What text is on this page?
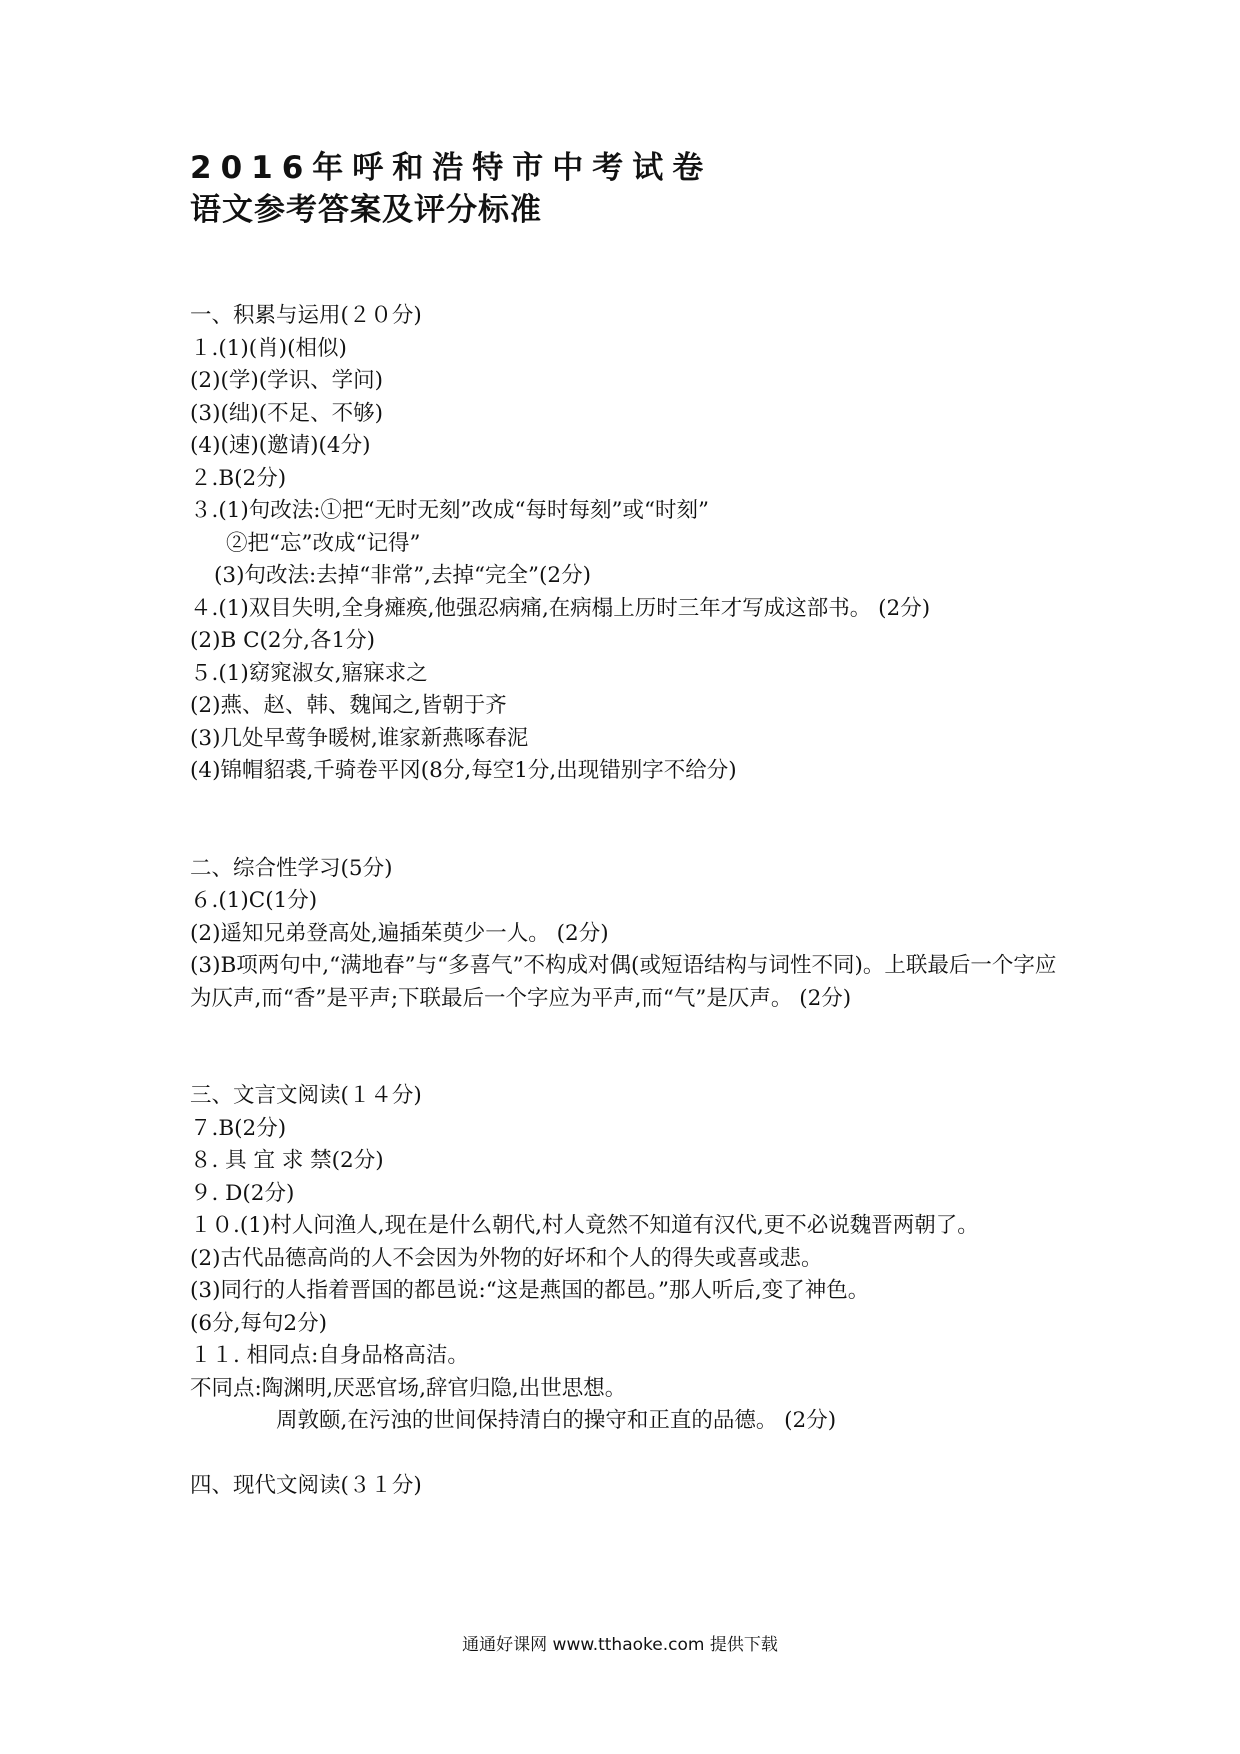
2016年呼和浩特市中考试卷
语文参考答案及评分标准
一、积累与运用(２０分)
１.(1)(肖)(相似)
(2)(学)(学识、学问)
(3)(绌)(不足、不够)
(4)(速)(邀请)(4分)
２.B(2分)
３.(1)句改法:①把“无时无刻”改成“每时每刻”或“时刻”
②把“忘”改成“记得”
(3)句改法:去掉“非常”,去掉“完全”(2分)
４.(1)双目失明,全身瘫痪,他强忍病痛,在病榻上历时三年才写成这部书。 (2分)
(2)B C(2分,各1分)
５.(1)窈窕淑女,寤寐求之
(2)燕、赵、韩、魏闻之,皆朝于齐
(3)几处早莺争暖树,谁家新燕啄春泥
(4)锦帽貂裘,千骑卷平冈(8分,每空1分,出现错别字不给分)
二、综合性学习(5分)
６.(1)C(1分)
(2)遥知兄弟登高处,遍插茱萸少一人。 (2分)
(3)B项两句中,“满地春”与“多喜气”不构成对偶(或短语结构与词性不同)。上联最后一个字应为仄声,而“香”是平声;下联最后一个字应为平声,而“气”是仄声。 (2分)
三、文言文阅读(１４分)
７.B(2分)
８. 具 宜 求 禁(2分)
９. D(2分)
１０.(1)村人问渔人,现在是什么朝代,村人竟然不知道有汉代,更不必说魏晋两朝了。
(2)古代品德高尚的人不会因为外物的好坏和个人的得失或喜或悲。
(3)同行的人指着晋国的都邑说:“这是燕国的都邑。”那人听后,变了神色。
(6分,每句2分)
１１. 相同点:自身品格高洁。
不同点:陶渊明,厌恶官场,辞官归隐,出世思想。
周敦颐,在污浊的世间保持清白的操守和正直的品德。 (2分)
四、现代文阅读(３１分)
通通好课网 www.tthaoke.com 提供下载
